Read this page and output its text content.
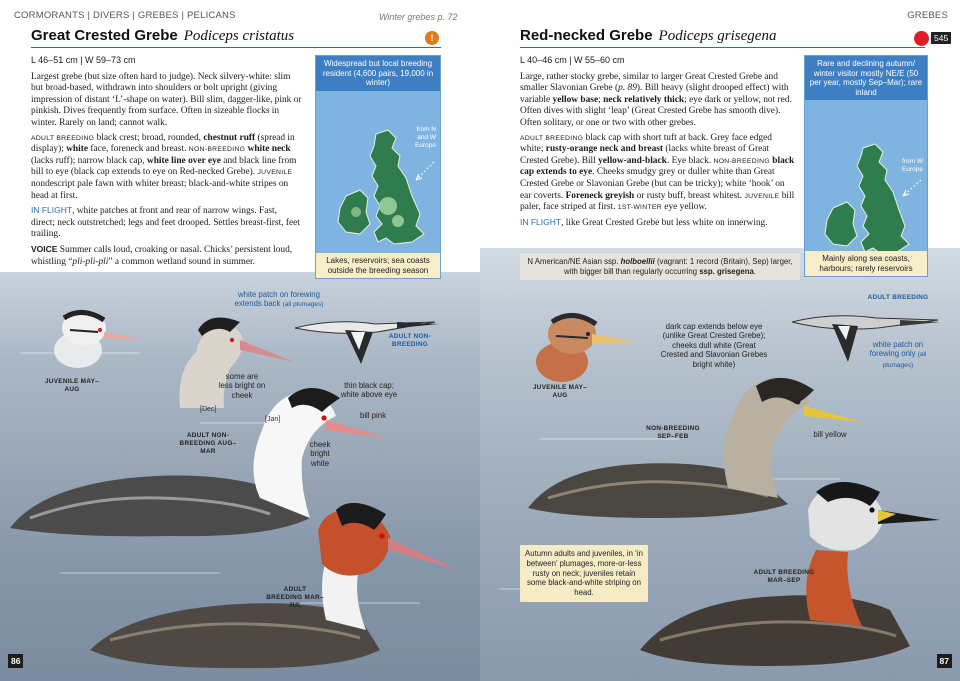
CORMORANTS | DIVERS | GREBES | PELICANS	Winter grebes p. 72
Great Crested Grebe Podiceps cristatus	!

L 46–51 cm | W 59–73 cm

Largest grebe (but size often hard to judge). Neck silvery-white: slim but broad-based, withdrawn into shoulders or bolt upright (giving impression of distant ‘L’-shape on water). Bill slim, dagger-like, pink or pinkish. Dives frequently from surface. Often in sizeable flocks in winter. Rarely on land; cannot walk.

ADULT BREEDING black crest; broad, rounded, chestnut ruff (spread in display); white face, foreneck and breast. NON-BREEDING white neck (lacks ruff); narrow black cap, white line over eye and black line from bill to eye (black cap extends to eye on Red-necked Grebe). JUVENILE nondescript pale fawn with whiter breast; black-and-white stripes on head at first.

IN FLIGHT, white patches at front and rear of narrow wings. Fast, direct; neck outstretched; legs and feet drooped. Settles breast-first, feet trailing.

VOICE Summer calls loud, croaking or nasal. Chicks’ persistent loud, whistling “pli-pli-pli” a common wetland sound in summer.

Widespread but local breeding resident (4,600 pairs, 19,000 in winter)
from N and W Europe
Lakes, reservoirs; sea coasts outside the breeding season
white patch on forewing extends back (all plumages)
ADULT NON-BREEDING
JUVENILE MAY–AUG
some are less bright on cheek
[Dec]
[Jan]
thin black cap; white above eye
bill pink
cheek bright white
ADULT NON-BREEDING AUG–MAR
ADULT BREEDING MAR–JUL
86
GREBES
Red-necked Grebe Podiceps grisegena	545

L 40–46 cm | W 55–60 cm

Large, rather stocky grebe, similar to larger Great Crested Grebe and smaller Slavonian Grebe (p. 89). Bill heavy (slight drooped effect) with variable yellow base; neck relatively thick; eye dark or yellow, not red. Often dives with slight ‘leap’ (Great Crested Grebe has smooth dive). Often solitary, or one or two with other grebes.

ADULT BREEDING black cap with short tuft at back. Grey face edged white; rusty-orange neck and breast (lacks white breast of Great Crested Grebe). Bill yellow-and-black. Eye black. NON-BREEDING black cap extends to eye. Cheeks smudgy grey or duller white than Great Crested Grebe or Slavonian Grebe (but can be tricky); white ‘hook’ on ear coverts. Foreneck greyish or rusty buff, breast whitest. JUVENILE bill paler, face striped at first. 1ST-WINTER eye yellow.

IN FLIGHT, like Great Crested Grebe but less white on innerwing.

Rare and declining autumn/ winter visitor mostly NE/E (50 per year, mostly Sep–Mar); rare inland
from W Europe
Mainly along sea coasts, harbours; rarely reservoirs
N American/NE Asian ssp. holboellii (vagrant: 1 record (Britain), Sep) larger, with bigger bill than regularly occurring ssp. grisegena.
ADULT BREEDING
white patch on forewing only (all plumages)
JUVENILE MAY–AUG
dark cap extends below eye (unlike Great Crested Grebe); cheeks dull white (Great Crested and Slavonian Grebes bright white)
NON-BREEDING SEP–FEB	bill yellow
Autumn adults and juveniles, in ‘in between’ plumages, more-or-less rusty on neck; juveniles retain some black-and-white striping on head.
ADULT BREEDING MAR–SEP
87
